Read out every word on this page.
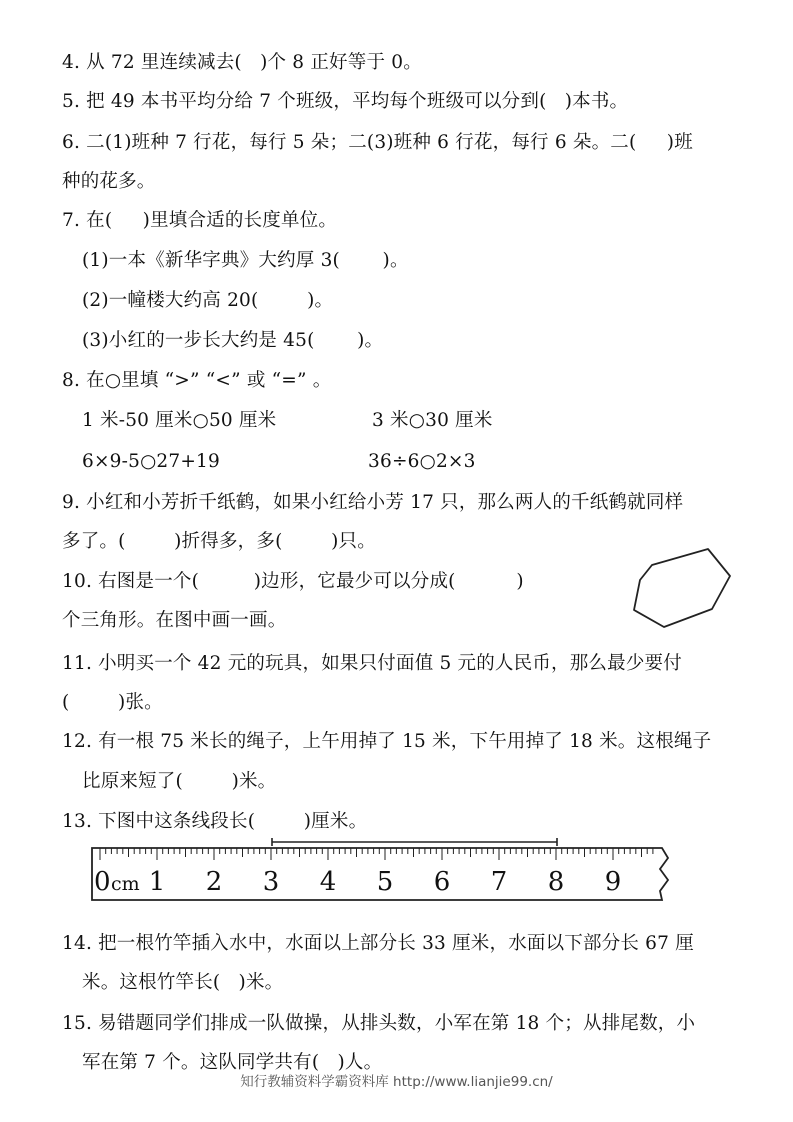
4. 从 72 里连续减去(   )个 8 正好等于 0。
5. 把 49 本书平均分给 7 个班级，平均每个班级可以分到(   )本书。
6. 二(1)班种 7 行花，每行 5 朵；二(3)班种 6 行花，每行 6 朵。二(     )班
种的花多。
7. 在(     )里填合适的长度单位。
(1)一本《新华字典》大约厚 3(       )。
(2)一幢楼大约高 20(        )。
(3)小红的一步长大约是 45(       )。
8. 在○里填 “>” “<” 或 “=” 。
1 米-50 厘米○50 厘米	3 米○30 厘米
6×9-5○27+19	36÷6○2×3
9. 小红和小芳折千纸鹤，如果小红给小芳 17 只，那么两人的千纸鹤就同样
多了。(        )折得多，多(        )只。
10. 右图是一个(         )边形，它最少可以分成(          )
个三角形。在图中画一画。
11. 小明买一个 42 元的玩具，如果只付面值 5 元的人民币，那么最少要付
(        )张。
12. 有一根 75 米长的绳子，上午用掉了 15 米，下午用掉了 18 米。这根绳子
比原来短了(        )米。
13. 下图中这条线段长(        )厘米。
0 cm 1 2 3 4 5 6 7 8 9
14. 把一根竹竿插入水中，水面以上部分长 33 厘米，水面以下部分长 67 厘
米。这根竹竿长(   )米。
15. 易错题同学们排成一队做操，从排头数，小军在第 18 个；从排尾数，小
军在第 7 个。这队同学共有(   )人。
知行教辅资料学霸资料库 http://www.lianjie99.cn/
